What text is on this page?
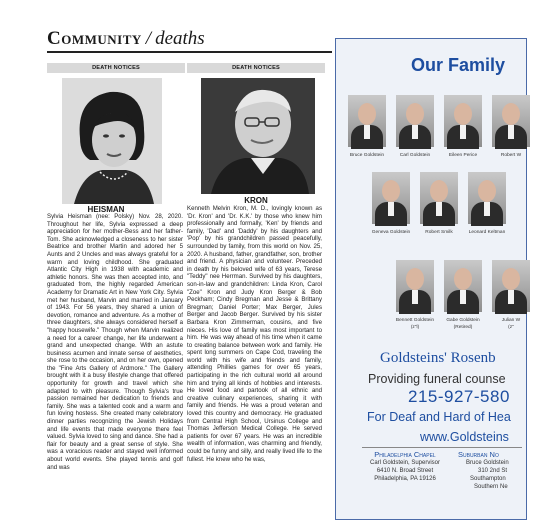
Community / deaths
DEATH NOTICES	DEATH NOTICES
HEISMAN
Sylvia Heisman (nee: Polsky) Nov. 28, 2020. Throughout her life, Sylvia expressed a deep appreciation for her mother-Bess and her father-Tom. She acknowledged a closeness to her sister Beatrice and brother Martin and adored her 5 Aunts and 2 Uncles and was always grateful for a warm and loving childhood. She graduated Atlantic City High in 1938 with academic and athletic honors. She was then accepted into, and graduated from, the highly regarded American Academy for Dramatic Art in New York City. Sylvia met her husband, Marvin and married in January of 1943. For 56 years, they shared a union of devotion, romance and adventure. As a mother of three daughters, she always considered herself a "happy housewife." Though when Marvin realized a need for a career change, her life underwent a grand and unexpected change. With an astute business acumen and innate sense of aesthetics, she rose to the occasion, and on her own, opened the "Fine Arts Gallery of Ardmore." The Gallery brought with it a busy lifestyle change that offered opportunity for growth and travel which she adapted to with pleasure. Though Sylvia's true passion remained her dedication to friends and family. She was a talented cook and a warm and fun loving hostess. She created many celebratory dinner parties recognizing the Jewish Holidays and life events that made everyone there feel valued. Sylvia loved to sing and dance. She had a flair for beauty and a great sense of style. She was a voracious reader and stayed well informed about world events. She played tennis and golf and was
KRON
Kenneth Melvin Kron, M. D., lovingly known as 'Dr. Kron' and 'Dr. K.K.' by those who knew him professionally and formally, 'Ken' by friends and family, 'Dad' and 'Daddy' by his daughters and 'Pop' by his grandchildren passed peacefully, surrounded by family, from this world on Nov. 25, 2020. A husband, father, grandfather, son, brother and friend. A physician and volunteer. Preceded in death by his beloved wife of 63 years, Terese "Teddy" nee Herrman. Survived by his daughters, son-in-law and grandchildren: Linda Kron, Carol "Zoe" Kron and Judy Kron Berger & Bob Peckham; Cindy Bregman and Jesse & Brittany Bregman; Daniel Porter; Max Berger, Jules Berger and Jacob Berger. Survived by his sister Barbara Kron Zimmerman, cousins, and five nieces. His love of family was most important to him. He was way ahead of his time when it came to creating balance between work and family. He spent long summers on Cape Cod, traveling the world with his wife and friends and family, attending Phillies games for over 65 years, participating in the rich cultural world all around him and trying all kinds of hobbies and interests. He loved food and partook of all ethnic and creative culinary experiences, sharing it with family and friends. He was a proud veteran and loved this country and democracy. He graduated from Central High School, Ursinus College and Thomas Jefferson Medical College. He served patients for over 67 years. He was an incredible wealth of information, was charming and friendly, could be funny and silly, and really lived life to the fullest. He knew who he was,
Our Family
Bruce Goldstein	Carl Goldstein	Eileen Perice	Robert W
Geneva Goldstein	Robert Smilk	Leonard Keltman
Bennett Goldstein
(z"l)
Gabe Goldstein
(Retired)
Julian W
(z"
Goldsteins' Rosenb
Providing funeral counse
215-927-580
For Deaf and Hard of Hea
www.Goldsteins
Philadelphia Chapel
Carl Goldstein, Supervisor
6410 N. Broad Street
Philadelphia, PA 19126
Suburban No
Bruce Goldstein
310 2nd St
Southampton
Southern Ne
